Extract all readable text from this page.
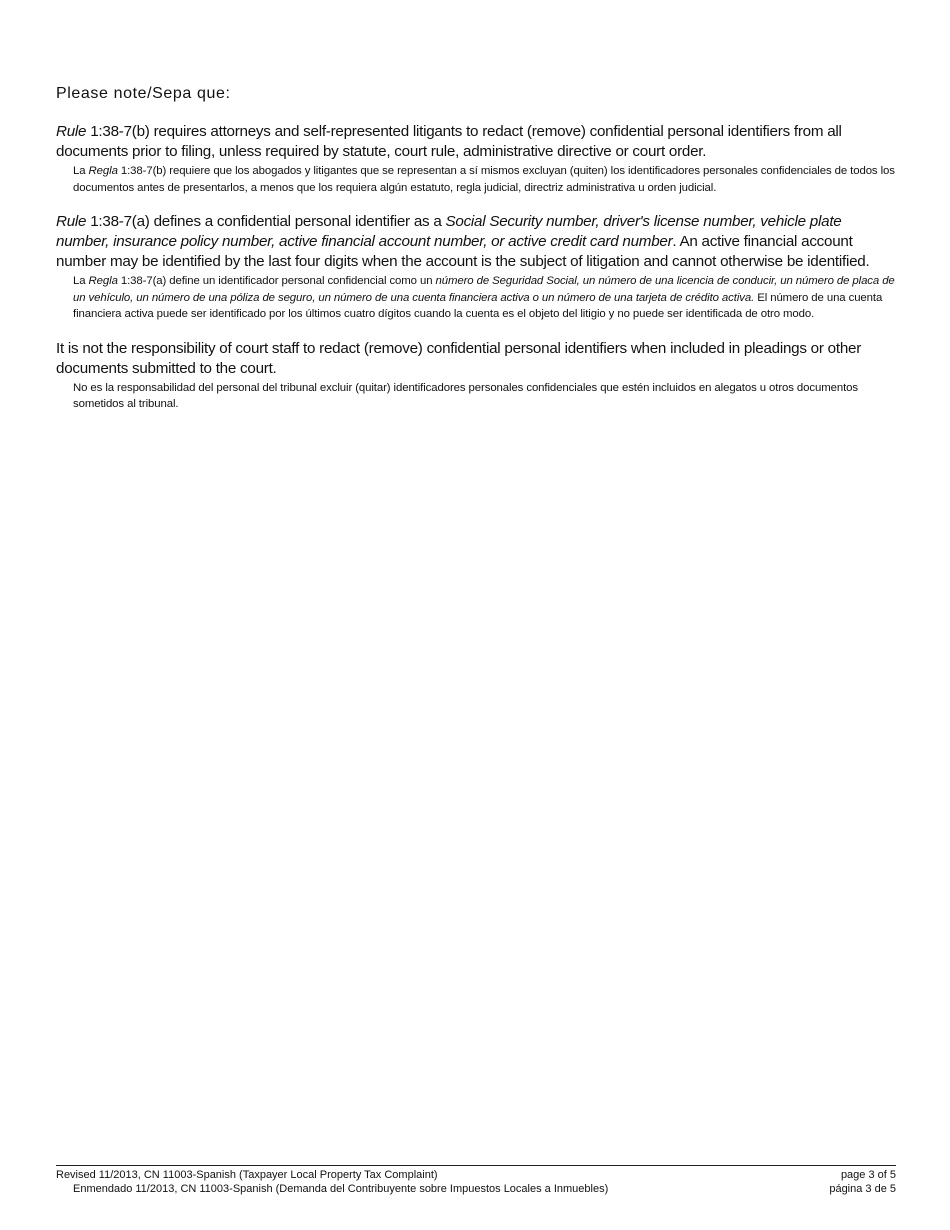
Please note/Sepa que:
Rule 1:38-7(b) requires attorneys and self-represented litigants to redact (remove) confidential personal identifiers from all documents prior to filing, unless required by statute, court rule, administrative directive or court order.
La Regla 1:38-7(b) requiere que los abogados y litigantes que se representan a sí mismos excluyan (quiten) los identificadores personales confidenciales de todos los documentos antes de presentarlos, a menos que los requiera algún estatuto, regla judicial, directriz administrativa u orden judicial.
Rule 1:38-7(a) defines a confidential personal identifier as a Social Security number, driver's license number, vehicle plate number, insurance policy number, active financial account number, or active credit card number. An active financial account number may be identified by the last four digits when the account is the subject of litigation and cannot otherwise be identified.
La Regla 1:38-7(a) define un identificador personal confidencial como un número de Seguridad Social, un número de una licencia de conducir, un número de placa de un vehículo, un número de una póliza de seguro, un número de una cuenta financiera activa o un número de una tarjeta de crédito activa. El número de una cuenta financiera activa puede ser identificado por los últimos cuatro dígitos cuando la cuenta es el objeto del litigio y no puede ser identificada de otro modo.
It is not the responsibility of court staff to redact (remove) confidential personal identifiers when included in pleadings or other documents submitted to the court.
No es la responsabilidad del personal del tribunal excluir (quitar) identificadores personales confidenciales que estén incluidos en alegatos u otros documentos sometidos al tribunal.
Revised 11/2013, CN 11003-Spanish (Taxpayer Local Property Tax Complaint)	page 3 of 5
Enmendado 11/2013, CN 11003-Spanish (Demanda del Contribuyente sobre Impuestos Locales a Inmuebles)	página 3 de 5
